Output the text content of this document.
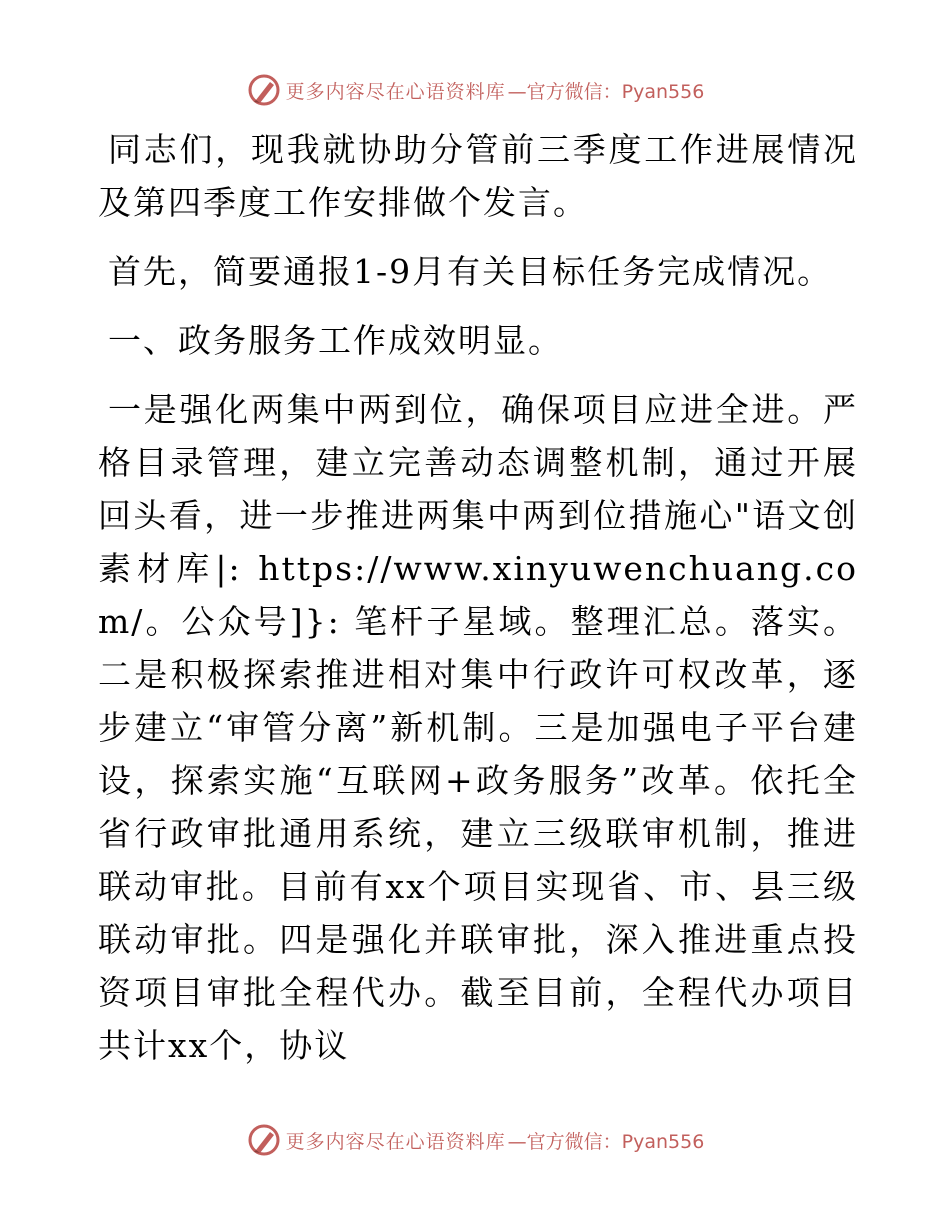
更多内容尽在心语资料库 —官方微信：Pyan556

同志们，现我就协助分管前三季度工作进展情况及第四季度工作安排做个发言。

首先，简要通报1-9月有关目标任务完成情况。

一、政务服务工作成效明显。

一是强化两集中两到位，确保项目应进全进。严格目录管理，建立完善动态调整机制，通过开展回头看，进一步推进两集中两到位措施心"语文创素材库|: https://www.xinyuwenchuang.com/。公众号]}: 笔杆子星域。整理汇总。落实。二是积极探索推进相对集中行政许可权改革，逐步建立“审管分离”新机制。三是加强电子平台建设，探索实施“互联网+政务服务”改革。依托全省行政审批通用系统，建立三级联审机制，推进联动审批。目前有xx个项目实现省、市、县三级联动审批。四是强化并联审批，深入推进重点投资项目审批全程代办。截至目前，全程代办项目共计xx个，协议

更多内容尽在心语资料库 —官方微信：Pyan556
